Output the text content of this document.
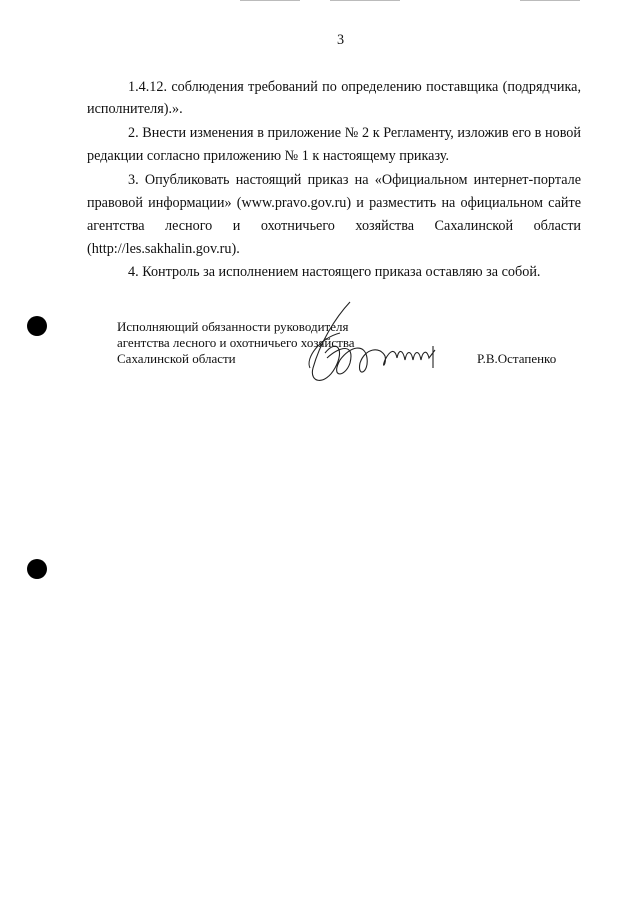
3
1.4.12. соблюдения требований по определению поставщика (подрядчика,
исполнителя).».
2. Внести изменения в приложение № 2 к Регламенту, изложив его в новой
редакции согласно приложению № 1 к настоящему приказу.
3. Опубликовать настоящий приказ на «Официальном интернет-портале
правовой информации» (www.pravo.gov.ru) и разместить на официальном сайте
агентства лесного и охотничьего хозяйства Сахалинской области
(http://les.sakhalin.gov.ru).
4. Контроль за исполнением настоящего приказа оставляю за собой.
Исполняющий обязанности руководителя
агентства лесного и охотничьего хозяйства
Сахалинской области	Р.В.Остапенко
